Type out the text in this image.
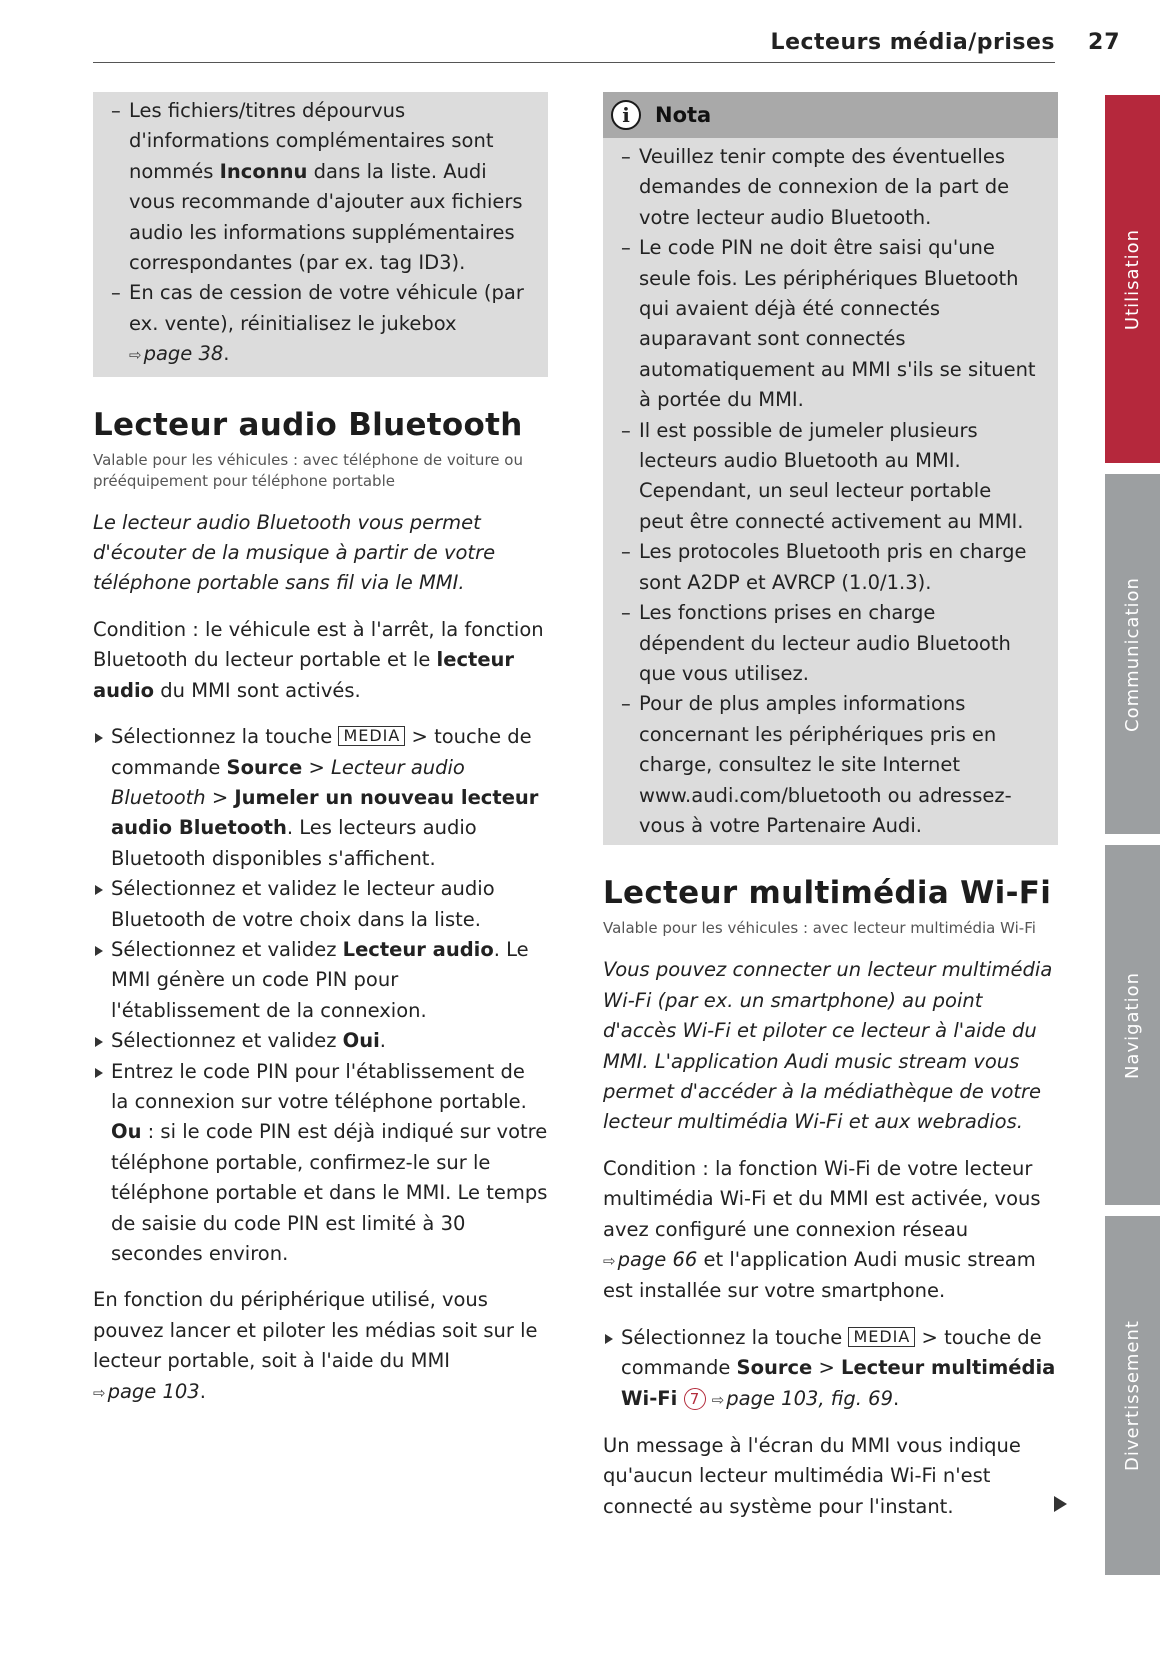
Lecteurs média/prises 27
– Les fichiers/titres dépourvus d'informations complémentaires sont nommés Inconnu dans la liste. Audi vous recommande d'ajouter aux fichiers audio les informations supplémentaires correspondantes (par ex. tag ID3).
– En cas de cession de votre véhicule (par ex. vente), réinitialisez le jukebox ⇨ page 38.
Lecteur audio Bluetooth
Valable pour les véhicules : avec téléphone de voiture ou prééquipement pour téléphone portable
Le lecteur audio Bluetooth vous permet d'écouter de la musique à partir de votre téléphone portable sans fil via le MMI.

Condition : le véhicule est à l'arrêt, la fonction Bluetooth du lecteur portable et le lecteur audio du MMI sont activés.

Sélectionnez la touche MEDIA > touche de commande Source > Lecteur audio Bluetooth > Jumeler un nouveau lecteur audio Bluetooth. Les lecteurs audio Bluetooth disponibles s'affichent.
Sélectionnez et validez le lecteur audio Bluetooth de votre choix dans la liste.
Sélectionnez et validez Lecteur audio. Le MMI génère un code PIN pour l'établissement de la connexion.
Sélectionnez et validez Oui.
Entrez le code PIN pour l'établissement de la connexion sur votre téléphone portable. Ou : si le code PIN est déjà indiqué sur votre téléphone portable, confirmez-le sur le téléphone portable et dans le MMI. Le temps de saisie du code PIN est limité à 30 secondes environ.

En fonction du périphérique utilisé, vous pouvez lancer et piloter les médias soit sur le lecteur portable, soit à l'aide du MMI ⇨ page 103.

i	Nota
– Veuillez tenir compte des éventuelles demandes de connexion de la part de votre lecteur audio Bluetooth.
– Le code PIN ne doit être saisi qu'une seule fois. Les périphériques Bluetooth qui avaient déjà été connectés auparavant sont connectés automatiquement au MMI s'ils se situent à portée du MMI.
– Il est possible de jumeler plusieurs lecteurs audio Bluetooth au MMI. Cependant, un seul lecteur portable peut être connecté activement au MMI.
– Les protocoles Bluetooth pris en charge sont A2DP et AVRCP (1.0/1.3).
– Les fonctions prises en charge dépendent du lecteur audio Bluetooth que vous utilisez.
– Pour de plus amples informations concernant les périphériques pris en charge, consultez le site Internet www.audi.com/bluetooth ou adressez-vous à votre Partenaire Audi.
Lecteur multimédia Wi-Fi
Valable pour les véhicules : avec lecteur multimédia Wi-Fi
Vous pouvez connecter un lecteur multimédia Wi-Fi (par ex. un smartphone) au point d'accès Wi-Fi et piloter ce lecteur à l'aide du MMI. L'application Audi music stream vous permet d'accéder à la médiathèque de votre lecteur multimédia Wi-Fi et aux webradios.

Condition : la fonction Wi-Fi de votre lecteur multimédia Wi-Fi et du MMI est activée, vous avez configuré une connexion réseau ⇨ page 66 et l'application Audi music stream est installée sur votre smartphone.

Sélectionnez la touche MEDIA > touche de commande Source > Lecteur multimédia Wi-Fi 7 ⇨ page 103, fig. 69.

Un message à l'écran du MMI vous indique qu'aucun lecteur multimédia Wi-Fi n'est connecté au système pour l'instant.

Utilisation
Communication
Navigation
Divertissement
